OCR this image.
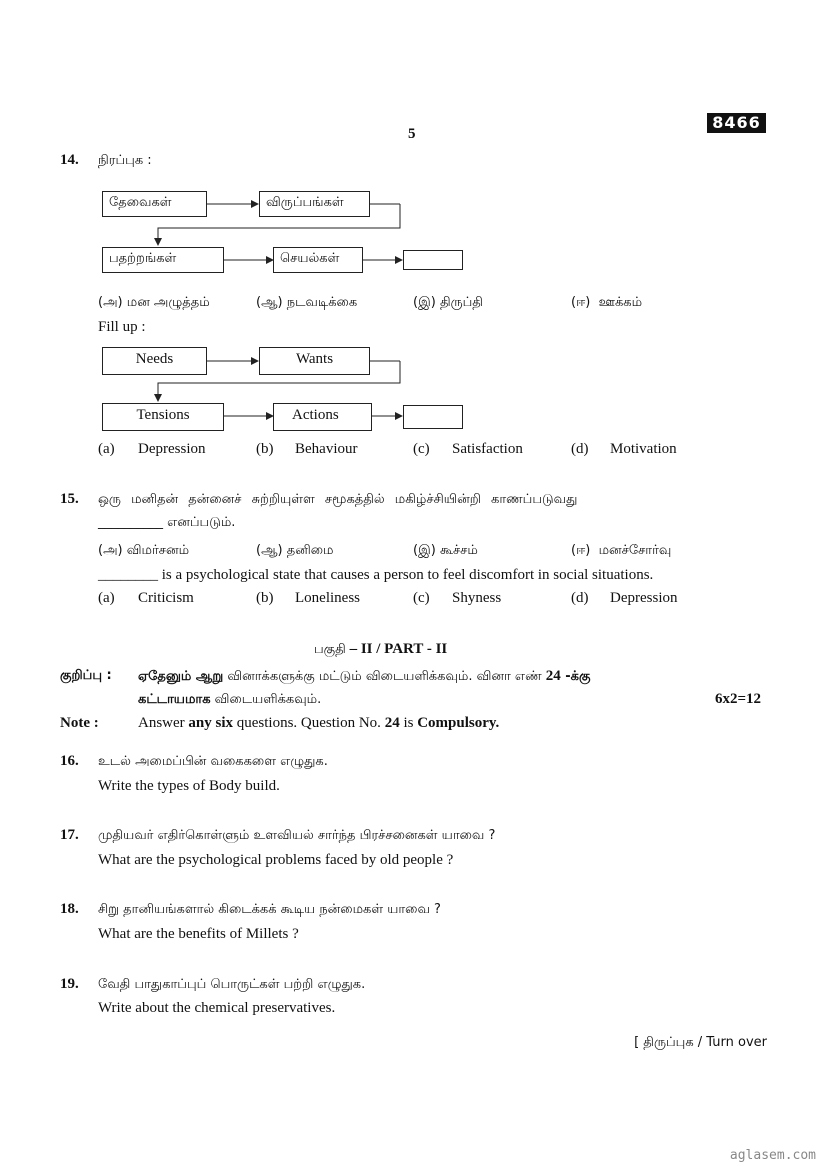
8466
5
14. நிரப்புக :
தேவைகள்	விருப்பங்கள்
பதற்றங்கள்	செயல்கள்
(அ) மன அழுத்தம்	(ஆ) நடவடிக்கை	(இ) திருப்தி	(ஈ) ஊக்கம்
Fill up :
Needs	Wants
Tensions	Actions
(a) Depression	(b) Behaviour	(c) Satisfaction	(d) Motivation
15. ஒரு மனிதன் தன்னைச் சுற்றியுள்ள சமூகத்தில் மகிழ்ச்சியின்றி காணப்படுவது
__________ எனப்படும்.
(அ) விமர்சனம்	(ஆ) தனிமை	(இ) கூச்சம்	(ஈ) மனச்சோர்வு
________ is a psychological state that causes a person to feel discomfort in social situations.
(a) Criticism	(b) Loneliness	(c) Shyness	(d) Depression
பகுதி – II / PART - II
குறிப்பு : ஏதேனும் ஆறு வினாக்களுக்கு மட்டும் விடையளிக்கவும். வினா எண் 24 -க்கு
கட்டாயமாக விடையளிக்கவும்.	6x2=12
Note :	Answer any six questions. Question No. 24 is Compulsory.
16. உடல் அமைப்பின் வகைகளை எழுதுக.
Write the types of Body build.
17. முதியவர் எதிர்கொள்ளும் உளவியல் சார்ந்த பிரச்சனைகள் யாவை ?
What are the psychological problems faced by old people ?
18. சிறு தானியங்களால் கிடைக்கக் கூடிய நன்மைகள் யாவை ?
What are the benefits of Millets ?
19. வேதி பாதுகாப்புப் பொருட்கள் பற்றி எழுதுக.
Write about the chemical preservatives.
[ திருப்புக / Turn over
aglasem.com
